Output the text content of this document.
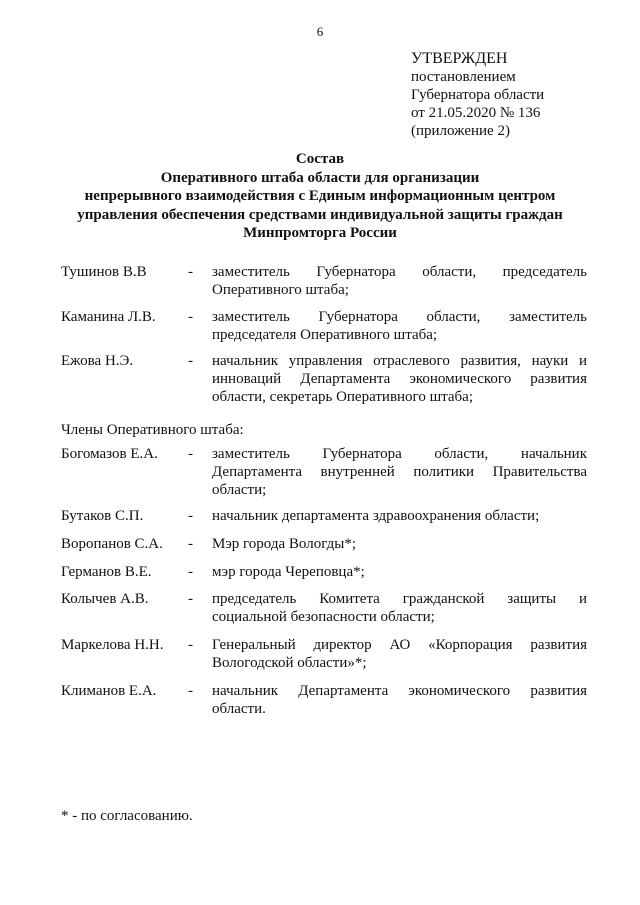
6
УТВЕРЖДЕН
постановлением
Губернатора области
от 21.05.2020 № 136
(приложение 2)
Состав
Оперативного штаба области для организации
непрерывного взаимодействия с Единым информационным центром
управления обеспечения средствами индивидуальной защиты граждан
Минпромторга России
Тушинов В.В	- заместитель Губернатора области, председатель
Оперативного штаба;
Каманина Л.В. - заместитель Губернатора области, заместитель
председателя Оперативного штаба;
Ежова Н.Э.	- начальник управления отраслевого развития, науки и
инноваций Департамента экономического развития
области, секретарь Оперативного штаба;
Члены Оперативного штаба:
Богомазов Е.А. - заместитель Губернатора области, начальник
Департамента внутренней политики Правительства
области;
Бутаков С.П.	- начальник департамента здравоохранения области;
Воропанов С.А. - Мэр города Вологды*;
Германов В.Е. - мэр города Череповца*;
Колычев А.В.	- председатель Комитета гражданской защиты и
социальной безопасности области;
Маркелова Н.Н. - Генеральный директор АО «Корпорация развития
Вологодской области»*;
Климанов Е.А. - начальник Департамента экономического развития
области.
* - по согласованию.
